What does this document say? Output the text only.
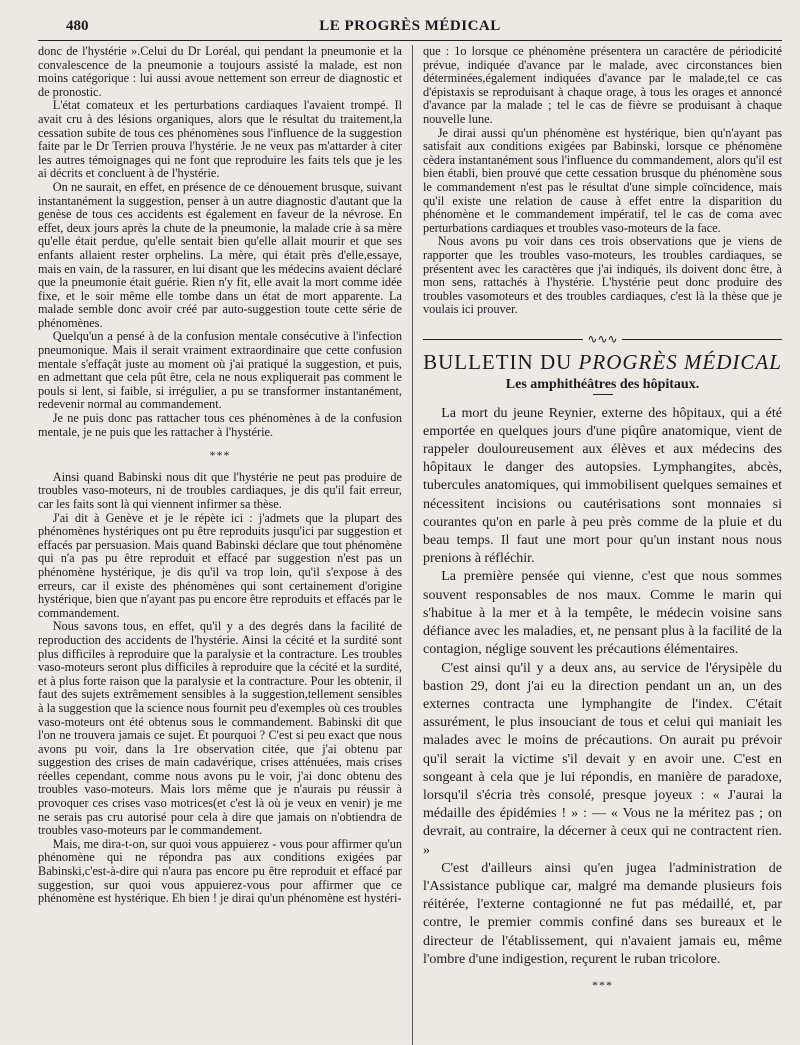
480	LE PROGRÈS MÉDICAL

donc de l'hystérie ».Celui du Dr Loréal, qui pendant la pneumonie et la convalescence de la pneumonie a toujours assisté la malade, est non moins catégorique : lui aussi avoue nettement son erreur de diagnostic et de pronostic.

L'état comateux et les perturbations cardiaques l'avaient trompé. Il avait cru à des lésions organiques, alors que le résultat du traitement,la cessation subite de tous ces phénomènes sous l'influence de la suggestion faite par le Dr Terrien prouva l'hystérie. Je ne veux pas m'attarder à citer les autres témoignages qui ne font que reproduire les faits tels que je les ai décrits et concluent à de l'hystérie.

On ne saurait, en effet, en présence de ce dénouement brusque, suivant instantanément la suggestion, penser à un autre diagnostic d'autant que la genèse de tous ces accidents est également en faveur de la névrose. En effet, deux jours après la chute de la pneumonie, la malade crie à sa mère qu'elle était perdue, qu'elle sentait bien qu'elle allait mourir et que ses enfants allaient rester orphelins. La mère, qui était près d'elle,essaye, mais en vain, de la rassurer, en lui disant que les médecins avaient déclaré que la pneumonie était guérie. Rien n'y fit, elle avait la mort comme idée fixe, et le soir même elle tombe dans un état de mort apparente. La malade semble donc avoir créé par auto-suggestion toute cette série de phénomènes.

Quelqu'un a pensé à de la confusion mentale consécutive à l'infection pneumonique. Mais il serait vraiment extraordinaire que cette confusion mentale s'effaçât juste au moment où j'ai pratiqué la suggestion, et puis, en admettant que cela pût être, cela ne nous expliquerait pas comment le pouls si lent, si faible, si irrégulier, a pu se transformer instantanément, redevenir normal au commandement.

Je ne puis donc pas rattacher tous ces phénomènes à de la confusion mentale, je ne puis que les rattacher à l'hystérie.

*​*​*

Ainsi quand Babinski nous dit que l'hystérie ne peut pas produire de troubles vaso-moteurs, ni de troubles cardiaques, je dis qu'il fait erreur, car les faits sont là qui viennent infirmer sa thèse.

J'ai dit à Genève et je le répète ici : j'admets que la plupart des phénomènes hystériques ont pu être reproduits jusqu'ici par suggestion et effacés par persuasion. Mais quand Babinski déclare que tout phénomène qui n'a pas pu être reproduit et effacé par suggestion n'est pas un phénomène hystérique, je dis qu'il va trop loin, qu'il s'expose à des erreurs, car il existe des phénomènes qui sont certainement d'origine hystérique, bien que n'ayant pas pu encore être reproduits et effacés par le commandement.

Nous savons tous, en effet, qu'il y a des degrés dans la facilité de reproduction des accidents de l'hystérie. Ainsi la cécité et la surdité sont plus difficiles à reproduire que la paralysie et la contracture. Les troubles vaso-moteurs seront plus difficiles à reproduire que la cécité et la surdité, et à plus forte raison que la paralysie et la contracture. Pour les obtenir, il faut des sujets extrêmement sensibles à la suggestion,tellement sensibles à la suggestion que la science nous fournit peu d'exemples où ces troubles vaso-moteurs ont été obtenus sous le commandement. Babinski dit que l'on ne trouvera jamais ce sujet. Et pourquoi ? C'est si peu exact que nous avons pu voir, dans la 1re observation citée, que j'ai obtenu par suggestion des crises de main cadavérique, crises atténuées, mais crises réelles cependant, comme nous avons pu le voir, j'ai donc obtenu des troubles vaso-moteurs. Mais lors même que je n'aurais pu réussir à provoquer ces crises vaso motrices(et c'est là où je veux en venir) je me ne serais pas cru autorisé pour cela à dire que jamais on n'obtiendra de troubles vaso-moteurs par le commandement.

Mais, me dira-t-on, sur quoi vous appuierez - vous pour affirmer qu'un phénomène qui ne répondra pas aux conditions exigées par Babinski,c'est-à-dire qui n'aura pas encore pu être reproduit et effacé par suggestion, sur quoi vous appuierez-vous pour affirmer que ce phénomène est hystérique. Eh bien ! je dirai qu'un phénomène est hystéri-

que : 1o lorsque ce phénomène présentera un caractère de périodicité prévue, indiquée d'avance par le malade, avec circonstances bien déterminées,également indiquées d'avance par le malade,tel ce cas d'épistaxis se reproduisant à chaque orage, à tous les orages et annoncé d'avance par la malade ; tel le cas de fièvre se produisant à chaque nouvelle lune.

Je dirai aussi qu'un phénomène est hystérique, bien qu'n'ayant pas satisfait aux conditions exigées par Babinski, lorsque ce phénomène cèdera instantanément sous l'influence du commandement, alors qu'il est bien établi, bien prouvé que cette cessation brusque du phénomène sous le commandement n'est pas le résultat d'une simple coïncidence, mais qu'il existe une relation de cause à effet entre la disparition du phénomène et le commandement impératif, tel le cas de coma avec perturbations cardiaques et troubles vaso-moteurs de la face.

Nous avons pu voir dans ces trois observations que je viens de rapporter que les troubles vaso-moteurs, les troubles cardiaques, se présentent avec les caractères que j'ai indiqués, ils doivent donc être, à mon sens, rattachés à l'hystérie. L'hystérie peut donc produire des troubles vasomoteurs et des troubles cardiaques, c'est là la thèse que je voulais ici prouver.

∿∿∿
BULLETIN DU PROGRÈS MÉDICAL
Les amphithéâtres des hôpitaux.

La mort du jeune Reynier, externe des hôpitaux, qui a été emportée en quelques jours d'une piqûre anatomique, vient de rappeler douloureusement aux élèves et aux médecins des hôpitaux le danger des autopsies. Lymphangites, abcès, tubercules anatomiques, qui immobilisent quelques semaines et nécessitent incisions ou cautérisations sont monnaies si courantes qu'on en parle à peu près comme de la pluie et du beau temps. Il faut une mort pour qu'un instant nous nous prenions à réfléchir.

La première pensée qui vienne, c'est que nous sommes souvent responsables de nos maux. Comme le marin qui s'habitue à la mer et à la tempête, le médecin voisine sans défiance avec les maladies, et, ne pensant plus à la facilité de la contagion, néglige souvent les précautions élémentaires.

C'est ainsi qu'il y a deux ans, au service de l'érysipèle du bastion 29, dont j'ai eu la direction pendant un an, un des externes contracta une lymphangite de l'index. C'était assurément, le plus insouciant de tous et celui qui maniait les malades avec le moins de précautions. On aurait pu prévoir qu'il serait la victime s'il devait y en avoir une. C'est en songeant à cela que je lui répondis, en manière de paradoxe, lorsqu'il s'écria très consolé, presque joyeux : « J'aurai la médaille des épidémies ! » : — « Vous ne la méritez pas ; on devrait, au contraire, la décerner à ceux qui ne contractent rien. »

C'est d'ailleurs ainsi qu'en jugea l'administration de l'Assistance publique car, malgré ma demande plusieurs fois réitérée, l'externe contagionné ne fut pas médaillé, et, par contre, le premier commis confiné dans ses bureaux et le directeur de l'établissement, qui n'avaient jamais eu, même l'ombre d'une indigestion, reçurent le ruban tricolore.

*​*​*
